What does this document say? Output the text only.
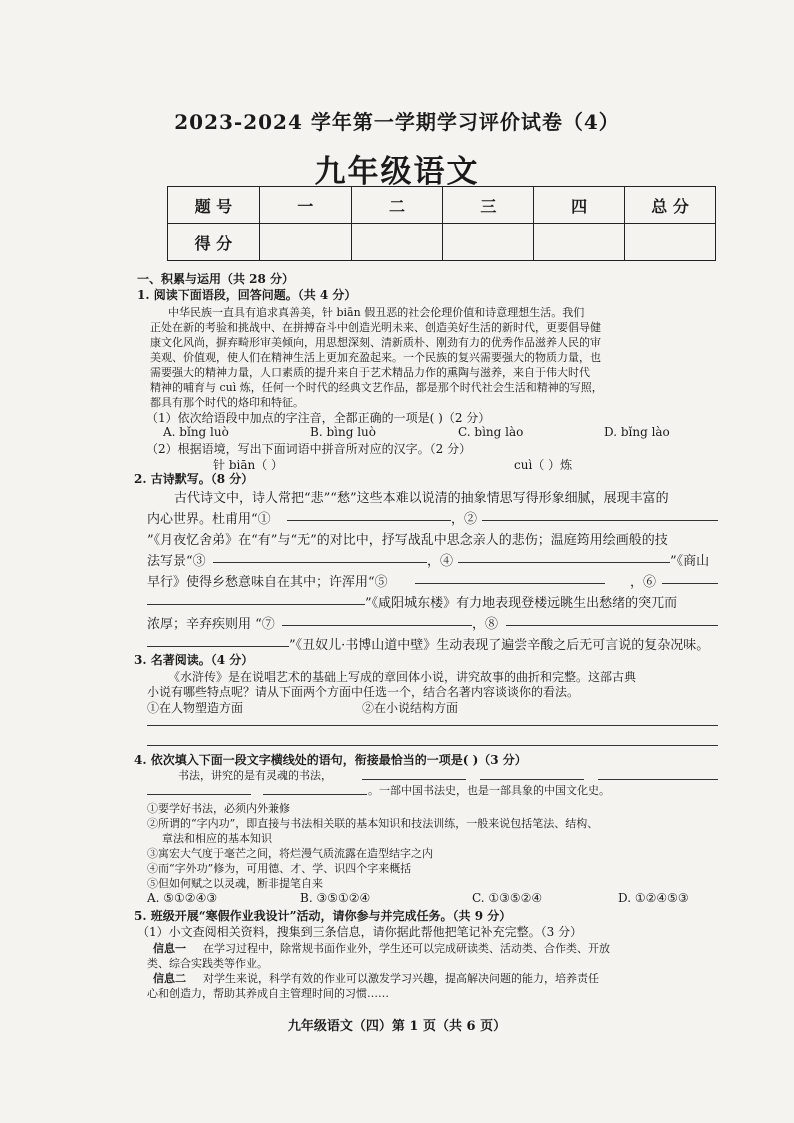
2023-2024 学年第一学期学习评价试卷（4）
九年级语文
题 号	一	二	三	四	总 分
得 分					
一、积累与运用（共 28 分）
1. 阅读下面语段，回答问题。（共 4 分）
中华民族一直具有追求真善美，针 biān 假丑恶的社会伦理价值和诗意理想生活。我们
正处在新的考验和挑战中、在拼搏奋斗中创造光明未来、创造美好生活的新时代，更要倡导健
康文化风尚，摒弃畸形审美倾向，用思想深刻、清新质朴、刚劲有力的优秀作品滋养人民的审
美观、价值观，使人们在精神生活上更加充盈起来。一个民族的复兴需要强大的物质力量，也
需要强大的精神力量，人口素质的提升来自于艺术精品力作的熏陶与滋养，来自于伟大时代
精神的哺育与 cuì 炼，任何一个时代的经典文艺作品，都是那个时代社会生活和精神的写照，
都具有那个时代的烙印和特征。
（1）依次给语段中加点的字注音，全都正确的一项是( )（2 分）
A. bǐng luò	B. bìng luò	C. bìng lào	D. bǐng lào
（2）根据语境，写出下面词语中拼音所对应的汉字。（2 分）
针 biān（ ）	cuì（ ）炼
2. 古诗默写。（8 分）
古代诗文中，诗人常把“悲”“愁”这些本难以说清的抽象情思写得形象细腻，展现丰富的
内心世界。杜甫用“①	，②
”《月夜忆舍弟》在“有”与“无”的对比中，抒写战乱中思念亲人的悲伤；温庭筠用绘画般的技
法写景“③	，④	”《商山
早行》使得乡愁意味自在其中；许浑用“⑤	，⑥
”《咸阳城东楼》有力地表现登楼远眺生出愁绪的突兀而
浓厚；辛弃疾则用 “⑦	，⑧
”《丑奴儿·书博山道中壁》生动表现了遍尝辛酸之后无可言说的复杂况味。
3. 名著阅读。（4 分）
《水浒传》是在说唱艺术的基础上写成的章回体小说，讲究故事的曲折和完整。这部古典
小说有哪些特点呢？请从下面两个方面中任选一个，结合名著内容谈谈你的看法。
①在人物塑造方面	②在小说结构方面
4. 依次填入下面一段文字横线处的语句，衔接最恰当的一项是( )（3 分）
书法，讲究的是有灵魂的书法，
。一部中国书法史，也是一部具象的中国文化史。
①要学好书法，必须内外兼修
②所谓的“字内功”，即直接与书法相关联的基本知识和技法训练，一般来说包括笔法、结构、
章法和相应的基本知识
③寓宏大气度于毫芒之间，将烂漫气质流露在造型结字之内
④而“字外功”修为，可用德、才、学、识四个字来概括
⑤但如何赋之以灵魂，断非提笔自来
A. ⑤①②④③	B. ③⑤①②④	C. ①③⑤②④	D. ①②④⑤③
5. 班级开展“寒假作业我设计”活动，请你参与并完成任务。（共 9 分）
（1）小文查阅相关资料，搜集到三条信息，请你据此帮他把笔记补充完整。（3 分）
信息一 在学习过程中，除常规书面作业外，学生还可以完成研读类、活动类、合作类、开放
类、综合实践类等作业。
信息二 对学生来说，科学有效的作业可以激发学习兴趣，提高解决问题的能力，培养责任
心和创造力，帮助其养成自主管理时间的习惯……
九年级语文（四）第 1 页（共 6 页）
